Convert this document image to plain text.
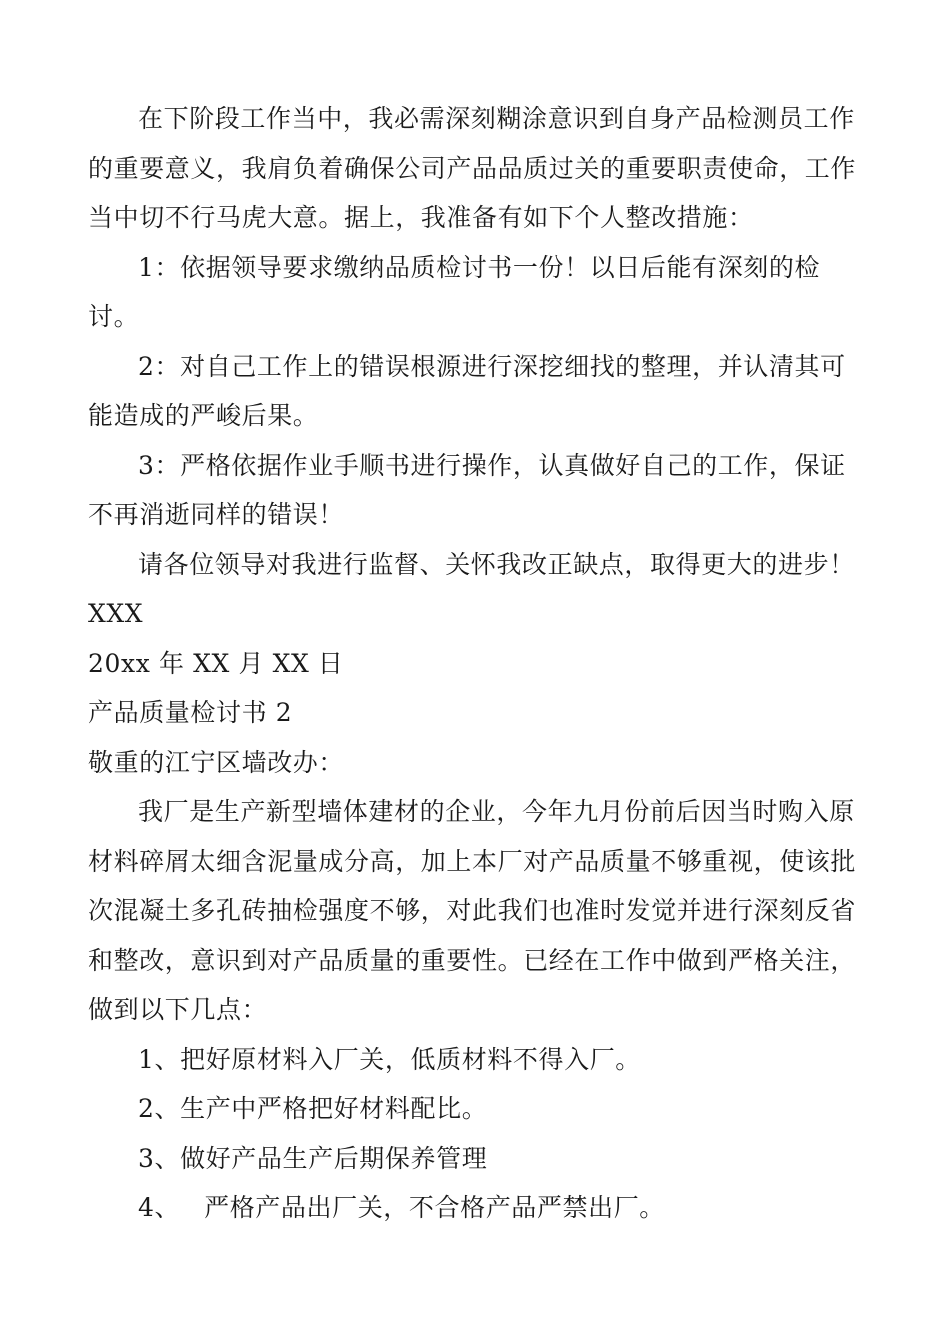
在下阶段工作当中，我必需深刻糊涂意识到自身产品检测员工作的重要意义，我肩负着确保公司产品品质过关的重要职责使命，工作当中切不行马虎大意。据上，我准备有如下个人整改措施：

1：依据领导要求缴纳品质检讨书一份！以日后能有深刻的检讨。

2：对自己工作上的错误根源进行深挖细找的整理，并认清其可能造成的严峻后果。

3：严格依据作业手顺书进行操作，认真做好自己的工作，保证不再消逝同样的错误！

请各位领导对我进行监督、关怀我改正缺点，取得更大的进步！

XXX

20xx 年 XX 月 XX 日

产品质量检讨书 2

敬重的江宁区墙改办：

我厂是生产新型墙体建材的企业，今年九月份前后因当时购入原材料碎屑太细含泥量成分高，加上本厂对产品质量不够重视，使该批次混凝土多孔砖抽检强度不够，对此我们也准时发觉并进行深刻反省和整改，意识到对产品质量的重要性。已经在工作中做到严格关注，做到以下几点：

1、把好原材料入厂关，低质材料不得入厂。

2、生产中严格把好材料配比。

3、做好产品生产后期保养管理

4、 严格产品出厂关，不合格产品严禁出厂。
